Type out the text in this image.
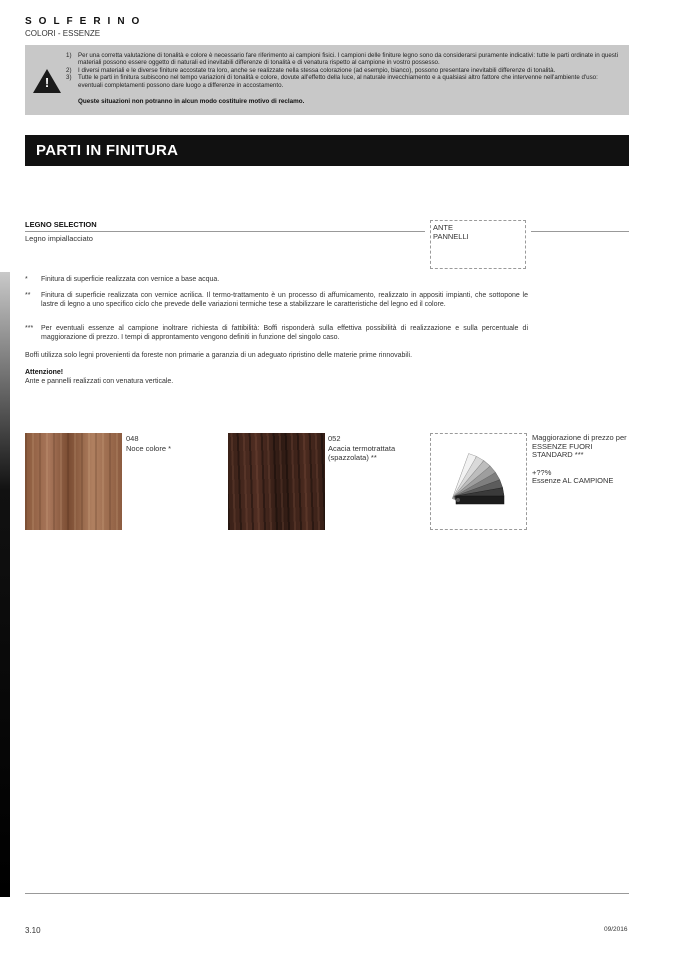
SOLFERINO
COLORI - ESSENZE
!
1) Per una corretta valutazione di tonalità e colore è necessario fare riferimento ai campioni fisici. I campioni delle finiture legno sono da considerarsi puramente indicativi: tutte le parti ordinate in questi materiali possono essere oggetto di naturali ed inevitabili differenze di tonalità e di venatura rispetto al campione in vostro possesso.
2) I diversi materiali e le diverse finiture accostate tra loro, anche se realizzate nella stessa colorazione (ad esempio, bianco), possono presentare inevitabili differenze di tonalità.
3) Tutte le parti in finitura subiscono nel tempo variazioni di tonalità e colore, dovute all'effetto della luce, al naturale invecchiamento e a qualsiasi altro fattore che intervenne nell'ambiente d'uso: eventuali completamenti possono dare luogo a differenze in accostamento.
Queste situazioni non potranno in alcun modo costituire motivo di reclamo.
PARTI IN FINITURA
LEGNO SELECTION
Legno impiallacciato
ANTE
PANNELLI
*	Finitura di superficie realizzata con vernice a base acqua.
**	Finitura di superficie realizzata con vernice acrilica. Il termo-trattamento è un processo di affumicamento, realizzato in appositi impianti, che sottopone le lastre di legno a uno specifico ciclo che prevede delle variazioni termiche tese a stabilizzare le caratteristiche del legno ed il colore.
***	Per eventuali essenze al campione inoltrare richiesta di fattibilità: Boffi risponderà sulla effettiva possibilità di realizzazione e sulla percentuale di maggiorazione di prezzo. I tempi di approntamento vengono definiti in funzione del singolo caso.
Boffi utilizza solo legni provenienti da foreste non primarie a garanzia di un adeguato ripristino delle materie prime rinnovabili.
Attenzione!
Ante e pannelli realizzati con venatura verticale.
048
Noce colore *
052
Acacia termotrattata (spazzolata) **
Maggiorazione di prezzo per ESSENZE FUORI STANDARD ***
+??%
Essenze AL CAMPIONE
3.10	09/2016
